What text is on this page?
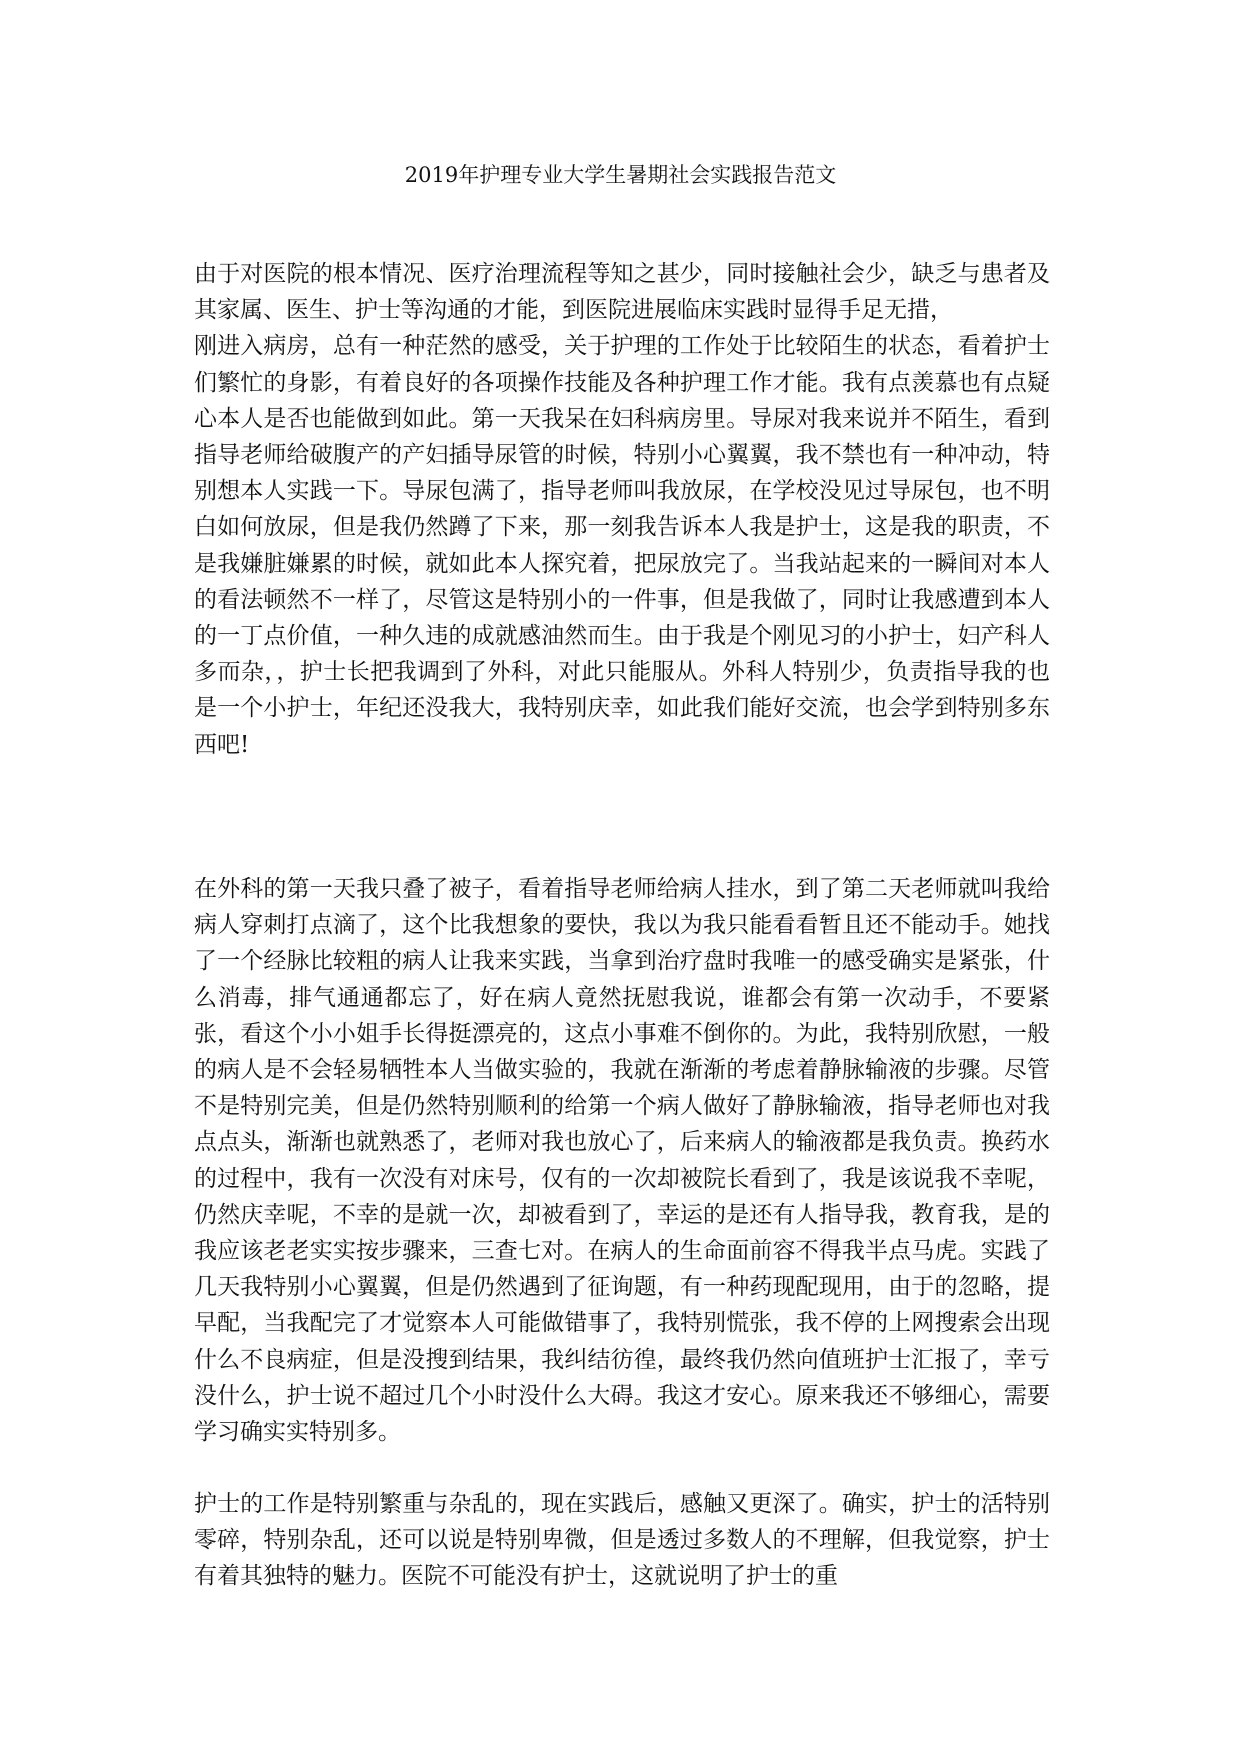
2019年护理专业大学生暑期社会实践报告范文

由于对医院的根本情况、医疗治理流程等知之甚少，同时接触社会少，缺乏与患者及其家属、医生、护士等沟通的才能，到医院进展临床实践时显得手足无措，
刚进入病房，总有一种茫然的感受，关于护理的工作处于比较陌生的状态，看着护士们繁忙的身影，有着良好的各项操作技能及各种护理工作才能。我有点羡慕也有点疑心本人是否也能做到如此。第一天我呆在妇科病房里。导尿对我来说并不陌生，看到指导老师给破腹产的产妇插导尿管的时候，特别小心翼翼，我不禁也有一种冲动，特别想本人实践一下。导尿包满了，指导老师叫我放尿，在学校没见过导尿包，也不明白如何放尿，但是我仍然蹲了下来，那一刻我告诉本人我是护士，这是我的职责，不是我嫌脏嫌累的时候，就如此本人探究着，把尿放完了。当我站起来的一瞬间对本人的看法顿然不一样了，尽管这是特别小的一件事，但是我做了，同时让我感遭到本人的一丁点价值，一种久违的成就感油然而生。由于我是个刚见习的小护士，妇产科人多而杂，，护士长把我调到了外科，对此只能服从。外科人特别少，负责指导我的也是一个小护士，年纪还没我大，我特别庆幸，如此我们能好交流，也会学到特别多东西吧!

在外科的第一天我只叠了被子，看着指导老师给病人挂水，到了第二天老师就叫我给病人穿刺打点滴了，这个比我想象的要快，我以为我只能看看暂且还不能动手。她找了一个经脉比较粗的病人让我来实践，当拿到治疗盘时我唯一的感受确实是紧张，什么消毒，排气通通都忘了，好在病人竟然抚慰我说，谁都会有第一次动手，不要紧张，看这个小小姐手长得挺漂亮的，这点小事难不倒你的。为此，我特别欣慰，一般的病人是不会轻易牺牲本人当做实验的，我就在渐渐的考虑着静脉输液的步骤。尽管不是特别完美，但是仍然特别顺利的给第一个病人做好了静脉输液，指导老师也对我点点头，渐渐也就熟悉了，老师对我也放心了，后来病人的输液都是我负责。换药水的过程中，我有一次没有对床号，仅有的一次却被院长看到了，我是该说我不幸呢，仍然庆幸呢，不幸的是就一次，却被看到了，幸运的是还有人指导我，教育我，是的我应该老老实实按步骤来，三查七对。在病人的生命面前容不得我半点马虎。实践了几天我特别小心翼翼，但是仍然遇到了征询题，有一种药现配现用，由于的忽略，提早配，当我配完了才觉察本人可能做错事了，我特别慌张，我不停的上网搜索会出现什么不良病症，但是没搜到结果，我纠结彷徨，最终我仍然向值班护士汇报了，幸亏没什么，护士说不超过几个小时没什么大碍。我这才安心。原来我还不够细心，需要学习确实实特别多。

护士的工作是特别繁重与杂乱的，现在实践后，感触又更深了。确实，护士的活特别零碎，特别杂乱，还可以说是特别卑微，但是透过多数人的不理解，但我觉察，护士有着其独特的魅力。医院不可能没有护士，这就说明了护士的重
